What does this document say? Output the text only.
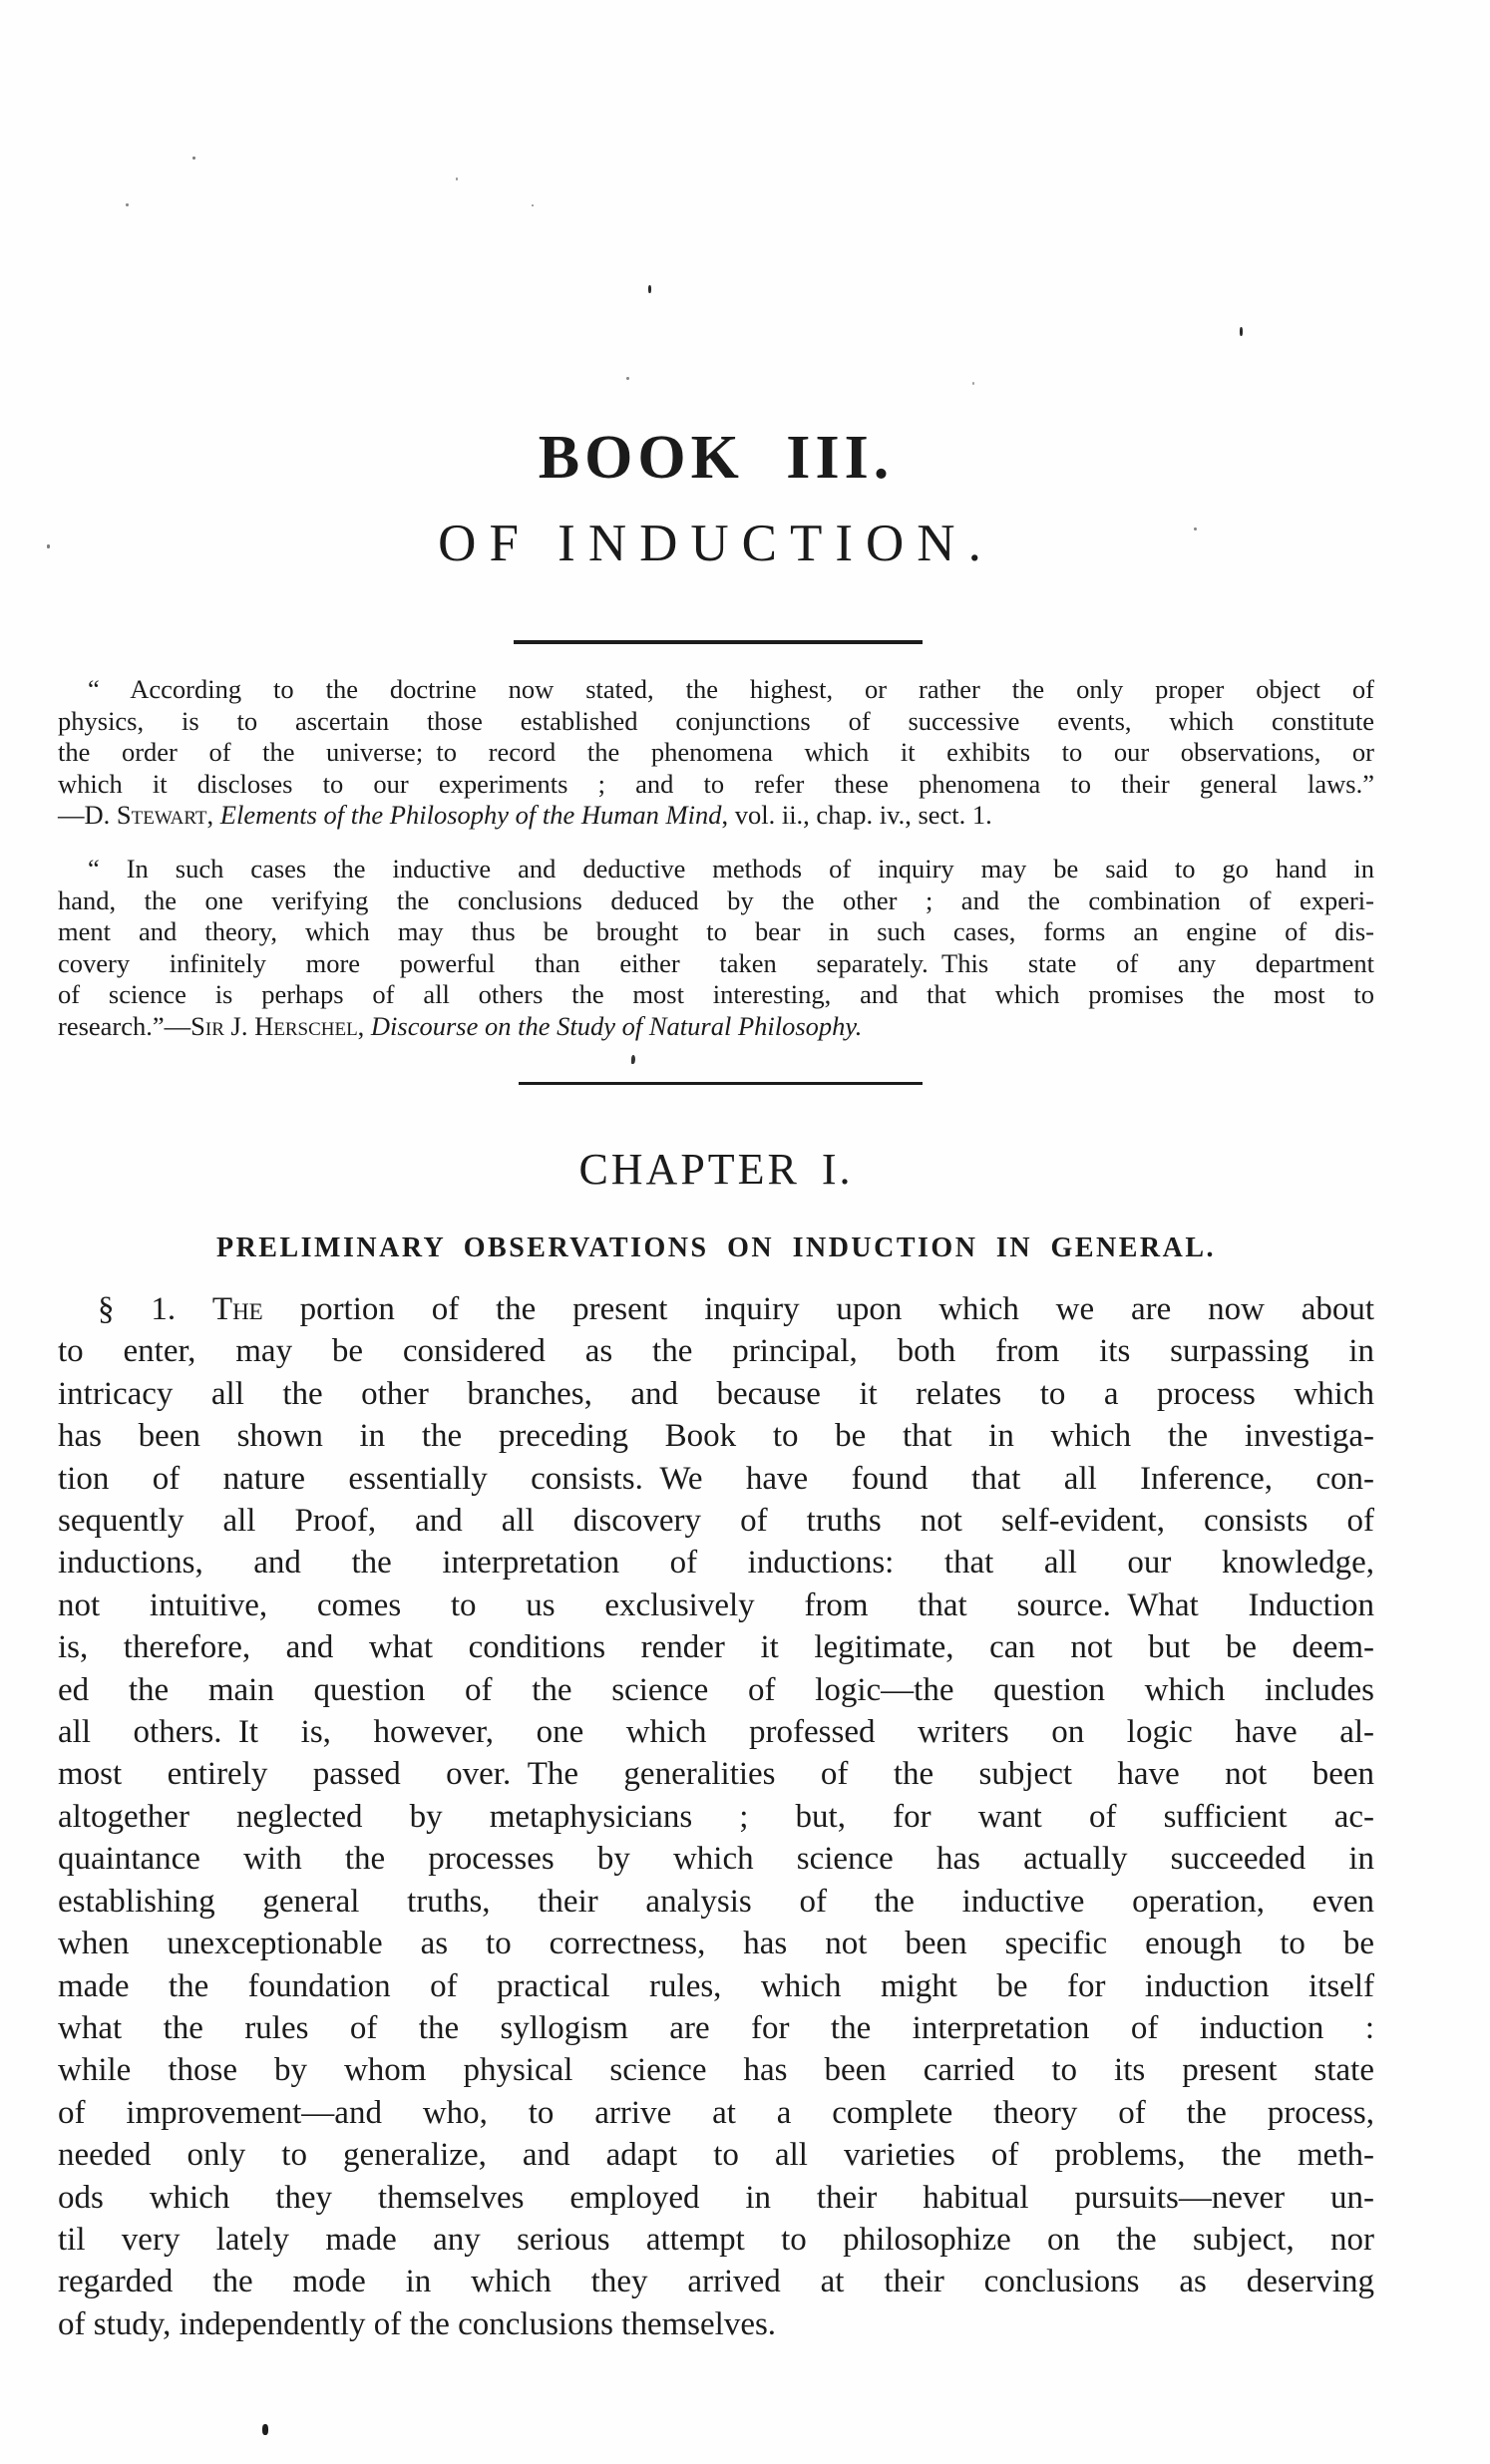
BOOK III.
OF INDUCTION.
“ According to the doctrine now stated, the highest, or rather the only proper object of
physics, is to ascertain those established conjunctions of successive events, which constitute
the order of the universe; to record the phenomena which it exhibits to our observations, or
which it discloses to our experiments ; and to refer these phenomena to their general laws.”
—D. Stewart, Elements of the Philosophy of the Human Mind, vol. ii., chap. iv., sect. 1.
“ In such cases the inductive and deductive methods of inquiry may be said to go hand in
hand, the one verifying the conclusions deduced by the other ; and the combination of experi-
ment and theory, which may thus be brought to bear in such cases, forms an engine of dis-
covery infinitely more powerful than either taken separately. This state of any department
of science is perhaps of all others the most interesting, and that which promises the most to
research.”—Sir J. Herschel, Discourse on the Study of Natural Philosophy.
CHAPTER I.
PRELIMINARY OBSERVATIONS ON INDUCTION IN GENERAL.
§ 1. The portion of the present inquiry upon which we are now about
to enter, may be considered as the principal, both from its surpassing in
intricacy all the other branches, and because it relates to a process which
has been shown in the preceding Book to be that in which the investiga-
tion of nature essentially consists. We have found that all Inference, con-
sequently all Proof, and all discovery of truths not self-evident, consists of
inductions, and the interpretation of inductions: that all our knowledge,
not intuitive, comes to us exclusively from that source. What Induction
is, therefore, and what conditions render it legitimate, can not but be deem-
ed the main question of the science of logic—the question which includes
all others. It is, however, one which professed writers on logic have al-
most entirely passed over. The generalities of the subject have not been
altogether neglected by metaphysicians ; but, for want of sufficient ac-
quaintance with the processes by which science has actually succeeded in
establishing general truths, their analysis of the inductive operation, even
when unexceptionable as to correctness, has not been specific enough to be
made the foundation of practical rules, which might be for induction itself
what the rules of the syllogism are for the interpretation of induction :
while those by whom physical science has been carried to its present state
of improvement—and who, to arrive at a complete theory of the process,
needed only to generalize, and adapt to all varieties of problems, the meth-
ods which they themselves employed in their habitual pursuits—never un-
til very lately made any serious attempt to philosophize on the subject, nor
regarded the mode in which they arrived at their conclusions as deserving
of study, independently of the conclusions themselves.
